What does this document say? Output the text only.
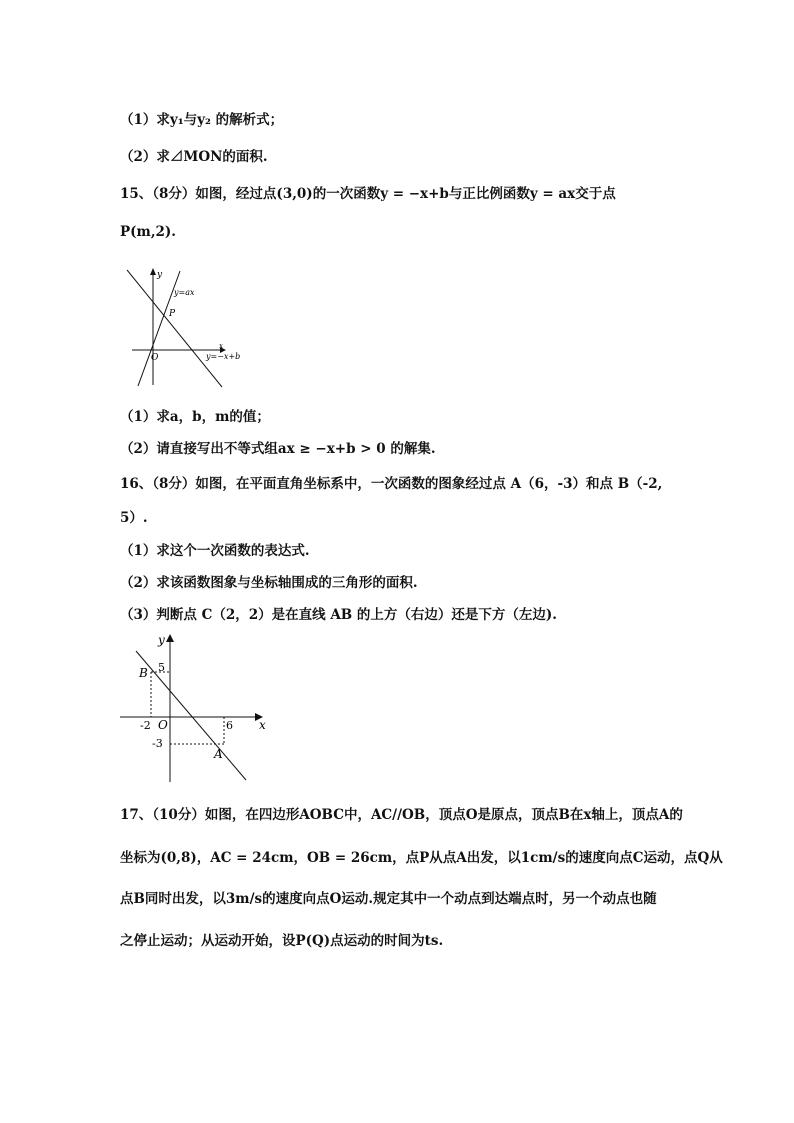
（1）求y₁与y₂ 的解析式；
（2）求⊿MON的面积.
15、（8分）如图，经过点(3,0)的一次函数y = −x+b与正比例函数y = ax交于点
P(m,2).
y
y=ax
P
O
x
y=−x+b
（1）求a，b，m的值；
（2）请直接写出不等式组ax ≥ −x+b > 0 的解集.
16、（8分）如图，在平面直角坐标系中，一次函数的图象经过点 A（6，-3）和点 B（-2,
5）.
（1）求这个一次函数的表达式.
（2）求该函数图象与坐标轴围成的三角形的面积.
（3）判断点 C（2，2）是在直线 AB 的上方（右边）还是下方（左边).
y
5
B
-2 O	6 x
-3
A
17、（10分）如图，在四边形AOBC中，AC//OB，顶点O是原点，顶点B在x轴上，顶点A的
坐标为(0,8)，AC = 24cm，OB = 26cm，点P从点A出发，以1cm/s的速度向点C运动，点Q从
点B同时出发，以3m/s的速度向点O运动.规定其中一个动点到达端点时，另一个动点也随
之停止运动；从运动开始，设P(Q)点运动的时间为ts.
